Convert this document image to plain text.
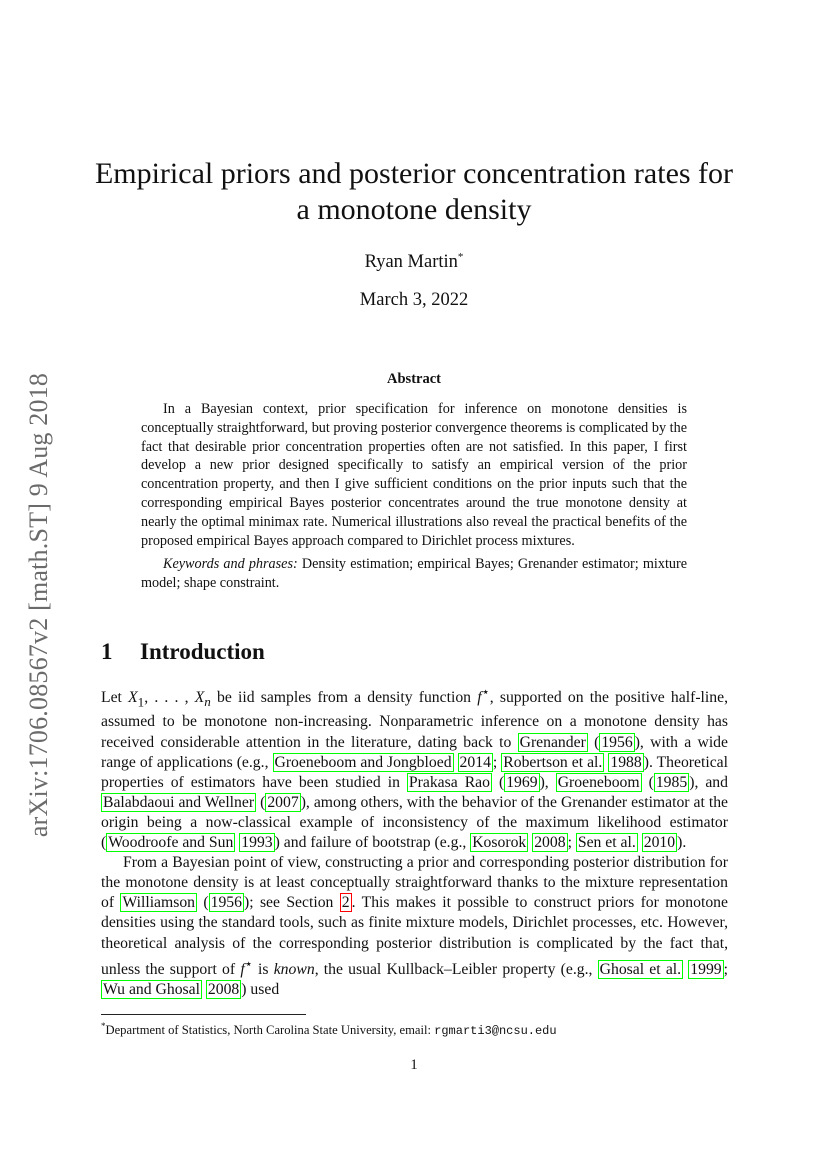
arXiv:1706.08567v2 [math.ST] 9 Aug 2018
Empirical priors and posterior concentration rates for
a monotone density
Ryan Martin*
March 3, 2022
Abstract

In a Bayesian context, prior specification for inference on monotone densities is conceptually straightforward, but proving posterior convergence theorems is complicated by the fact that desirable prior concentration properties often are not satisfied. In this paper, I first develop a new prior designed specifically to satisfy an empirical version of the prior concentration property, and then I give sufficient conditions on the prior inputs such that the corresponding empirical Bayes posterior concentrates around the true monotone density at nearly the optimal minimax rate. Numerical illustrations also reveal the practical benefits of the proposed empirical Bayes approach compared to Dirichlet process mixtures.

Keywords and phrases: Density estimation; empirical Bayes; Grenander estimator; mixture model; shape constraint.

1 Introduction

Let $X_1$, . . . , $X_n$ be iid samples from a density function f⋆, supported on the positive half-line, assumed to be monotone non-increasing. Nonparametric inference on a monotone density has received considerable attention in the literature, dating back to Grenander ( 1956 ), with a wide range of applications (e.g., Groeneboom and Jongbloed 2014 ; Robertson et al. 1988 ). Theoretical properties of estimators have been studied in Prakasa Rao ( 1969 ), Groeneboom ( 1985 ), and Balabdaoui and Wellner ( 2007 ), among others, with the behavior of the Grenander estimator at the origin being a now-classical example of inconsistency of the maximum likelihood estimator ( Woodroofe and Sun 1993 ) and failure of bootstrap (e.g., Kosorok 2008 ; Sen et al. 2010 ).

From a Bayesian point of view, constructing a prior and corresponding posterior distribution for the monotone density is at least conceptually straightforward thanks to the mixture representation of Williamson ( 1956 ); see Section 2 . This makes it possible to construct priors for monotone densities using the standard tools, such as finite mixture models, Dirichlet processes, etc. However, theoretical analysis of the corresponding posterior distribution is complicated by the fact that, unless the support of f⋆ is known, the usual Kullback–Leibler property (e.g., Ghosal et al. 1999 ; Wu and Ghosal 2008 ) used

*Department of Statistics, North Carolina State University, email: rgmarti3@ncsu.edu
1
